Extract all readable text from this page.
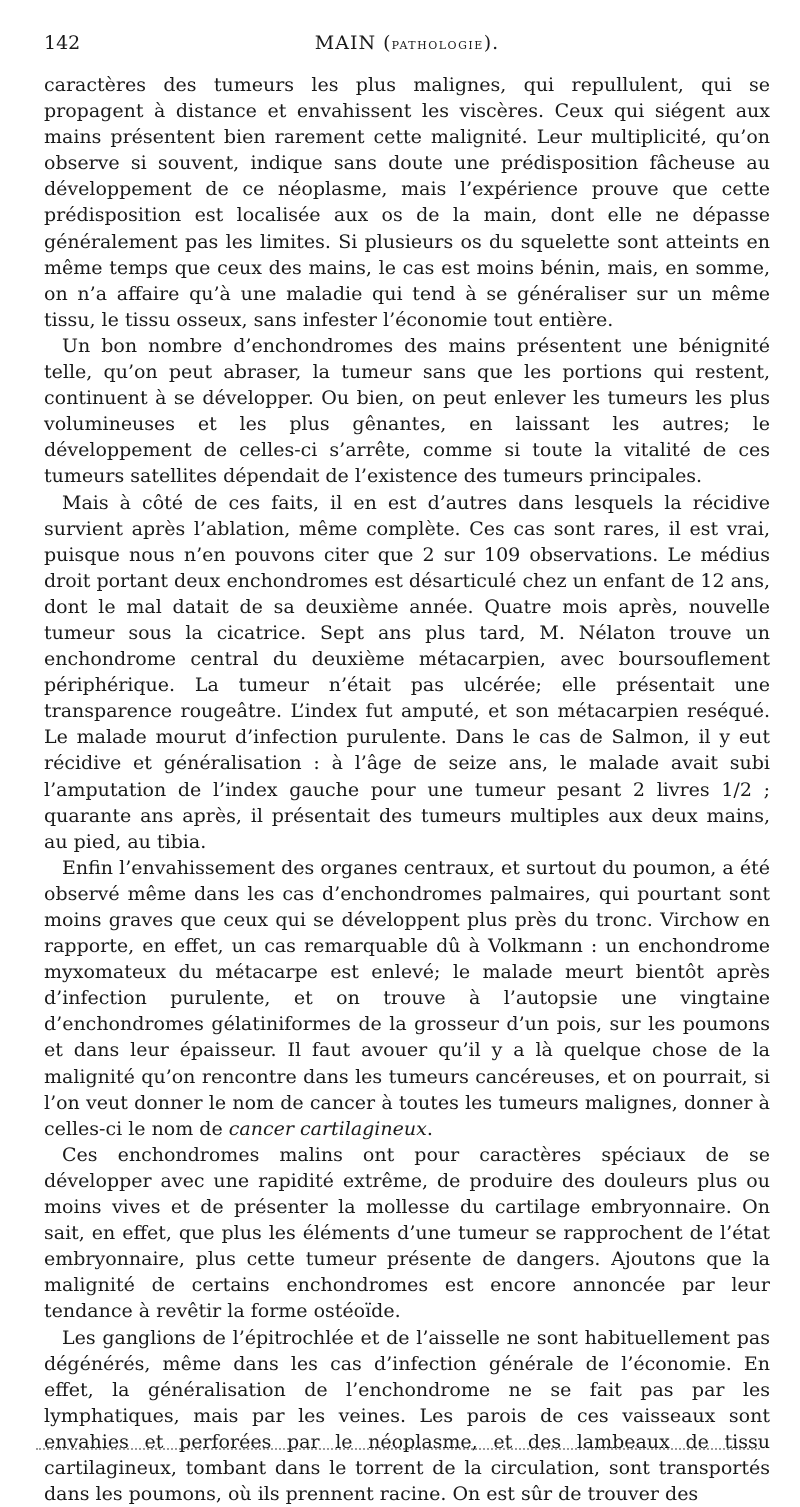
142	MAIN (pathologie).

caractères des tumeurs les plus malignes, qui repullulent, qui se propagent à distance et envahissent les viscères. Ceux qui siégent aux mains présentent bien rarement cette malignité. Leur multiplicité, qu’on observe si souvent, indique sans doute une prédisposition fâcheuse au développement de ce néoplasme, mais l’expérience prouve que cette prédisposition est localisée aux os de la main, dont elle ne dépasse généralement pas les limites. Si plusieurs os du squelette sont atteints en même temps que ceux des mains, le cas est moins bénin, mais, en somme, on n’a affaire qu’à une maladie qui tend à se généraliser sur un même tissu, le tissu osseux, sans infester l’économie tout entière.

Un bon nombre d’enchondromes des mains présentent une bénignité telle, qu’on peut abraser, la tumeur sans que les portions qui restent, continuent à se développer. Ou bien, on peut enlever les tumeurs les plus volumineuses et les plus gênantes, en laissant les autres; le développement de celles-ci s’arrête, comme si toute la vitalité de ces tumeurs satellites dépendait de l’existence des tumeurs principales.

Mais à côté de ces faits, il en est d’autres dans lesquels la récidive survient après l’ablation, même complète. Ces cas sont rares, il est vrai, puisque nous n’en pouvons citer que 2 sur 109 observations. Le médius droit portant deux enchondromes est désarticulé chez un enfant de 12 ans, dont le mal datait de sa deuxième année. Quatre mois après, nouvelle tumeur sous la cicatrice. Sept ans plus tard, M. Nélaton trouve un enchondrome central du deuxième métacarpien, avec boursouflement périphérique. La tumeur n’était pas ulcérée; elle présentait une transparence rougeâtre. L’index fut amputé, et son métacarpien reséqué. Le malade mourut d’infection purulente. Dans le cas de Salmon, il y eut récidive et généralisation : à l’âge de seize ans, le malade avait subi l’amputation de l’index gauche pour une tumeur pesant 2 livres 1/2 ; quarante ans après, il présentait des tumeurs multiples aux deux mains, au pied, au tibia.

Enfin l’envahissement des organes centraux, et surtout du poumon, a été observé même dans les cas d’enchondromes palmaires, qui pourtant sont moins graves que ceux qui se développent plus près du tronc. Virchow en rapporte, en effet, un cas remarquable dû à Volkmann : un enchondrome myxomateux du métacarpe est enlevé; le malade meurt bientôt après d’infection purulente, et on trouve à l’autopsie une vingtaine d’enchondromes gélatiniformes de la grosseur d’un pois, sur les poumons et dans leur épaisseur. Il faut avouer qu’il y a là quelque chose de la malignité qu’on rencontre dans les tumeurs cancéreuses, et on pourrait, si l’on veut donner le nom de cancer à toutes les tumeurs malignes, donner à celles-ci le nom de cancer cartilagineux.

Ces enchondromes malins ont pour caractères spéciaux de se développer avec une rapidité extrême, de produire des douleurs plus ou moins vives et de présenter la mollesse du cartilage embryonnaire. On sait, en effet, que plus les éléments d’une tumeur se rapprochent de l’état embryonnaire, plus cette tumeur présente de dangers. Ajoutons que la malignité de certains enchondromes est encore annoncée par leur tendance à revêtir la forme ostéoïde.

Les ganglions de l’épitrochlée et de l’aisselle ne sont habituellement pas dégénérés, même dans les cas d’infection générale de l’économie. En effet, la généralisation de l’enchondrome ne se fait pas par les lymphatiques, mais par les veines. Les parois de ces vaisseaux sont envahies et perforées par le néoplasme, et des lambeaux de tissu cartilagineux, tombant dans le torrent de la circulation, sont transportés dans les poumons, où ils prennent racine. On est sûr de trouver des
